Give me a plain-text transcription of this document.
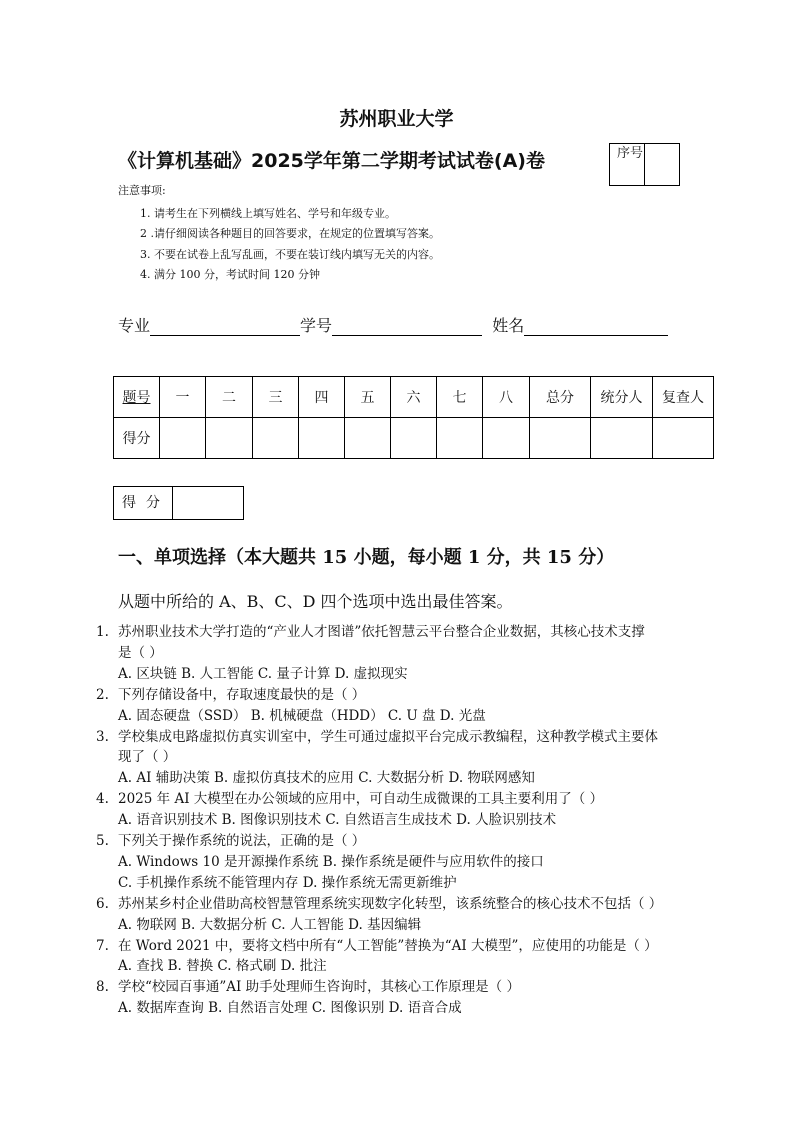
苏州职业大学
《计算机基础》2025学年第二学期考试试卷(A)卷	序号
注意事项:
1. 请考生在下列横线上填写姓名、学号和年级专业。
2 .请仔细阅读各种题目的回答要求，在规定的位置填写答案。
3. 不要在试卷上乱写乱画，不要在装订线内填写无关的内容。
4. 满分 100 分，考试时间 120 分钟
专业	学号	姓名
题号	一	二	三	四	五	六	七	八	总分	统分人	复查人
得分											
得分
一、单项选择（本大题共 15 小题，每小题 1 分，共 15 分）
从题中所给的 A、B、C、D 四个选项中选出最佳答案。
1. 苏州职业技术大学打造的“产业人才图谱”依托智慧云平台整合企业数据，其核心技术支撑
是（ ）
A. 区块链 B. 人工智能 C. 量子计算 D. 虚拟现实
2. 下列存储设备中，存取速度最快的是（ ）
A. 固态硬盘（SSD） B. 机械硬盘（HDD） C. U 盘 D. 光盘
3. 学校集成电路虚拟仿真实训室中，学生可通过虚拟平台完成示教编程，这种教学模式主要体
现了（ ）
A. AI 辅助决策 B. 虚拟仿真技术的应用 C. 大数据分析 D. 物联网感知
4. 2025 年 AI 大模型在办公领域的应用中，可自动生成微课的工具主要利用了（ ）
A. 语音识别技术 B. 图像识别技术 C. 自然语言生成技术 D. 人脸识别技术
5. 下列关于操作系统的说法，正确的是（ ）
A. Windows 10 是开源操作系统 B. 操作系统是硬件与应用软件的接口
C. 手机操作系统不能管理内存 D. 操作系统无需更新维护
6. 苏州某乡村企业借助高校智慧管理系统实现数字化转型，该系统整合的核心技术不包括（ ）
A. 物联网 B. 大数据分析 C. 人工智能 D. 基因编辑
7. 在 Word 2021 中，要将文档中所有“人工智能”替换为“AI 大模型”，应使用的功能是（ ）
A. 查找 B. 替换 C. 格式刷 D. 批注
8. 学校“校园百事通”AI 助手处理师生咨询时，其核心工作原理是（ ）
A. 数据库查询 B. 自然语言处理 C. 图像识别 D. 语音合成
